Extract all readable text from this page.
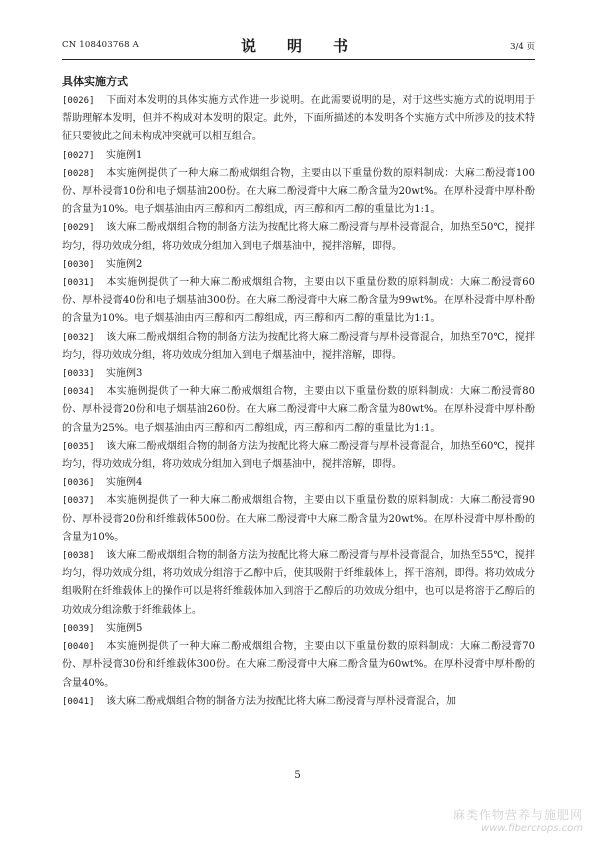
CN 108403768 A	说　明　书	3/4 页
具体实施方式

[0026] 下面对本发明的具体实施方式作进一步说明。在此需要说明的是，对于这些实施方式的说明用于帮助理解本发明，但并不构成对本发明的限定。此外，下面所描述的本发明各个实施方式中所涉及的技术特征只要彼此之间未构成冲突就可以相互组合。

[0027] 实施例1

[0028] 本实施例提供了一种大麻二酚戒烟组合物，主要由以下重量份数的原料制成：大麻二酚浸膏100份、厚朴浸膏10份和电子烟基油200份。在大麻二酚浸膏中大麻二酚含量为20wt%。在厚朴浸膏中厚朴酚的含量为10%。电子烟基油由丙三醇和丙二醇组成，丙三醇和丙二醇的重量比为1:1。

[0029] 该大麻二酚戒烟组合物的制备方法为按配比将大麻二酚浸膏与厚朴浸膏混合，加热至50℃，搅拌均匀，得功效成分组，将功效成分组加入到电子烟基油中，搅拌溶解，即得。

[0030] 实施例2

[0031] 本实施例提供了一种大麻二酚戒烟组合物，主要由以下重量份数的原料制成：大麻二酚浸膏60份、厚朴浸膏40份和电子烟基油300份。在大麻二酚浸膏中大麻二酚含量为99wt%。在厚朴浸膏中厚朴酚的含量为10%。电子烟基油由丙三醇和丙二醇组成，丙三醇和丙二醇的重量比为1:1。

[0032] 该大麻二酚戒烟组合物的制备方法为按配比将大麻二酚浸膏与厚朴浸膏混合，加热至70℃，搅拌均匀，得功效成分组，将功效成分组加入到电子烟基油中，搅拌溶解，即得。

[0033] 实施例3

[0034] 本实施例提供了一种大麻二酚戒烟组合物，主要由以下重量份数的原料制成：大麻二酚浸膏80份、厚朴浸膏20份和电子烟基油260份。在大麻二酚浸膏中大麻二酚含量为80wt%。在厚朴浸膏中厚朴酚的含量为25%。电子烟基油由丙三醇和丙二醇组成，丙三醇和丙二醇的重量比为1:1。

[0035] 该大麻二酚戒烟组合物的制备方法为按配比将大麻二酚浸膏与厚朴浸膏混合，加热至60℃，搅拌均匀，得功效成分组，将功效成分组加入到电子烟基油中，搅拌溶解，即得。

[0036] 实施例4

[0037] 本实施例提供了一种大麻二酚戒烟组合物，主要由以下重量份数的原料制成：大麻二酚浸膏90份、厚朴浸膏20份和纤维载体500份。在大麻二酚浸膏中大麻二酚含量为20wt%。在厚朴浸膏中厚朴酚的含量为10%。

[0038] 该大麻二酚戒烟组合物的制备方法为按配比将大麻二酚浸膏与厚朴浸膏混合，加热至55℃，搅拌均匀，得功效成分组，将功效成分组溶于乙醇中后，使其吸附于纤维载体上，挥干溶剂，即得。将功效成分组吸附在纤维载体上的操作可以是将纤维载体加入到溶于乙醇后的功效成分组中，也可以是将溶于乙醇后的功效成分组涂敷于纤维载体上。

[0039] 实施例5

[0040] 本实施例提供了一种大麻二酚戒烟组合物，主要由以下重量份数的原料制成：大麻二酚浸膏70份、厚朴浸膏30份和纤维载体300份。在大麻二酚浸膏中大麻二酚含量为60wt%。在厚朴浸膏中厚朴酚的含量40%。

[0041] 该大麻二酚戒烟组合物的制备方法为按配比将大麻二酚浸膏与厚朴浸膏混合，加

5
麻类作物营养与施肥网
www.fibercrops.com
